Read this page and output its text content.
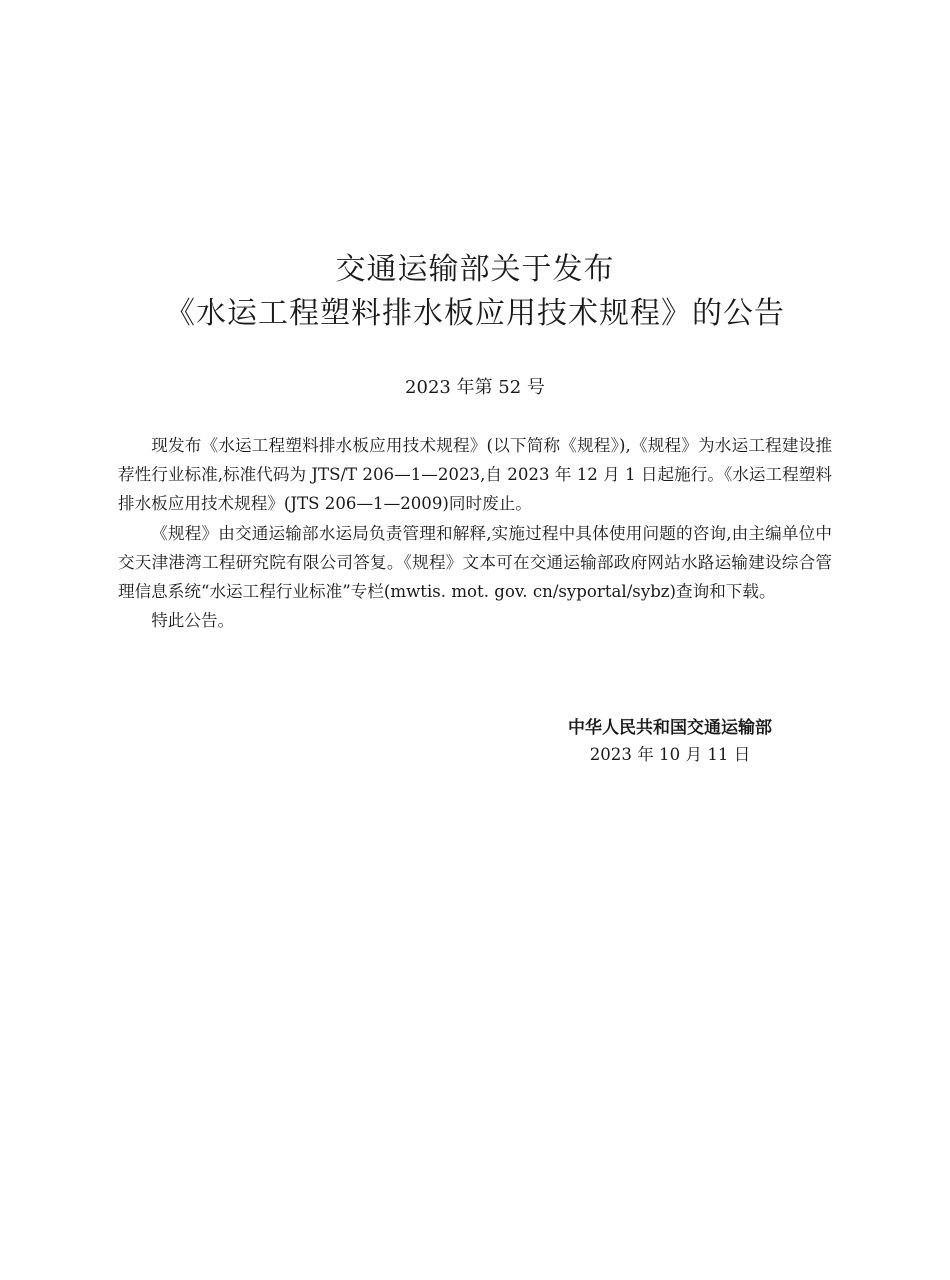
交通运输部关于发布
《水运工程塑料排水板应用技术规程》的公告
2023 年第 52 号

现发布《水运工程塑料排水板应用技术规程》(以下简称《规程》),《规程》为水运工程建设推荐性行业标准,标准代码为 JTS/T 206—1—2023,自 2023 年 12 月 1 日起施行。《水运工程塑料排水板应用技术规程》(JTS 206—1—2009)同时废止。

《规程》由交通运输部水运局负责管理和解释,实施过程中具体使用问题的咨询,由主编单位中交天津港湾工程研究院有限公司答复。《规程》文本可在交通运输部政府网站水路运输建设综合管理信息系统“水运工程行业标准”专栏(mwtis. mot. gov. cn/syportal/sybz)查询和下载。

特此公告。

中华人民共和国交通运输部
2023 年 10 月 11 日
